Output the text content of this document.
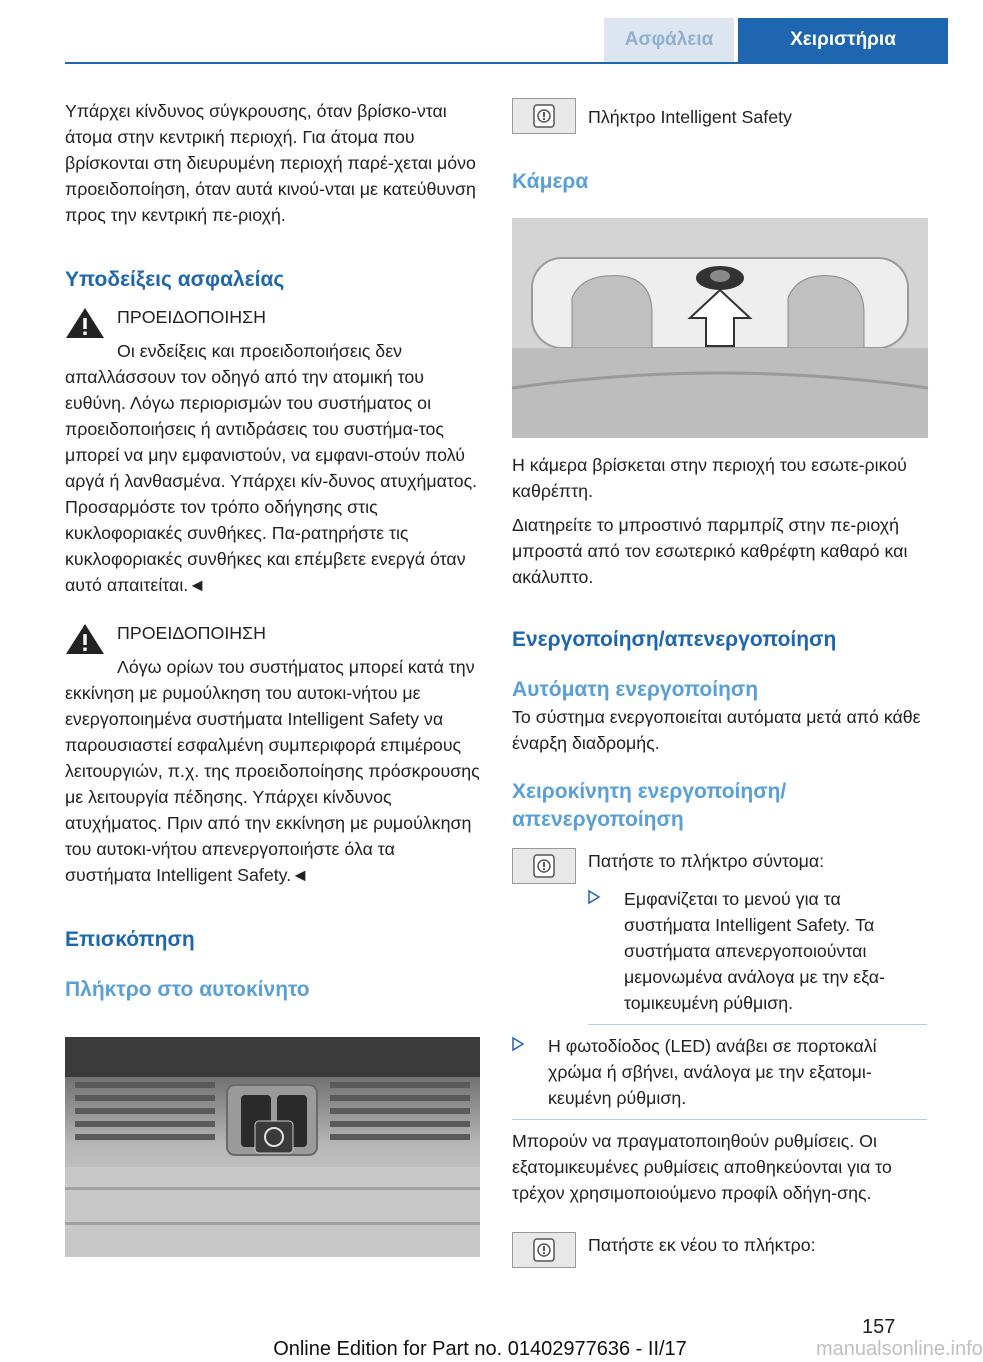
Ασφάλεια	Χειριστήρια

Υπάρχει κίνδυνος σύγκρουσης, όταν βρίσκο-νται άτομα στην κεντρική περιοχή. Για άτομα που βρίσκονται στη διευρυμένη περιοχή παρέ-χεται μόνο προειδοποίηση, όταν αυτά κινού-νται με κατεύθυνση προς την κεντρική πε-ριοχή.

Υποδείξεις ασφαλείας
ΠΡΟΕΙΔΟΠΟΙΗΣΗ

Οι ενδείξεις και προειδοποιήσεις δεν απαλλάσσουν τον οδηγό από την ατομική του ευθύνη. Λόγω περιορισμών του συστήματος οι προειδοποιήσεις ή αντιδράσεις του συστήμα-τος μπορεί να μην εμφανιστούν, να εμφανι-στούν πολύ αργά ή λανθασμένα. Υπάρχει κίν-δυνος ατυχήματος. Προσαρμόστε τον τρόπο οδήγησης στις κυκλοφοριακές συνθήκες. Πα-ρατηρήστε τις κυκλοφοριακές συνθήκες και επέμβετε ενεργά όταν αυτό απαιτείται.◄

ΠΡΟΕΙΔΟΠΟΙΗΣΗ

Λόγω ορίων του συστήματος μπορεί κατά την εκκίνηση με ρυμούλκηση του αυτοκι-νήτου με ενεργοποιημένα συστήματα Intelligent Safety να παρουσιαστεί εσφαλμένη συμπεριφορά επιμέρους λειτουργιών, π.χ. της προειδοποίησης πρόσκρουσης με λειτουργία πέδησης. Υπάρχει κίνδυνος ατυχήματος. Πριν από την εκκίνηση με ρυμούλκηση του αυτοκι-νήτου απενεργοποιήστε όλα τα συστήματα Intelligent Safety.◄

Επισκόπηση
Πλήκτρο στο αυτοκίνητο
Πλήκτρο Intelligent Safety
Κάμερα

Η κάμερα βρίσκεται στην περιοχή του εσωτε-ρικού καθρέπτη.

Διατηρείτε το μπροστινό παρμπρίζ στην πε-ριοχή μπροστά από τον εσωτερικό καθρέφτη καθαρό και ακάλυπτο.

Ενεργοποίηση/απενεργοποίηση
Αυτόματη ενεργοποίηση

Το σύστημα ενεργοποιείται αυτόματα μετά από κάθε έναρξη διαδρομής.

Χειροκίνητη ενεργοποίηση/
απενεργοποίηση
Πατήστε το πλήκτρο σύντομα:
Εμφανίζεται το μενού για τα συστήματα Intelligent Safety. Τα συστήματα απενεργοποιούνται μεμονωμένα ανάλογα με την εξα-τομικευμένη ρύθμιση.
Η φωτοδίοδος (LED) ανάβει σε πορτοκαλί χρώμα ή σβήνει, ανάλογα με την εξατομι-κευμένη ρύθμιση.

Μπορούν να πραγματοποιηθούν ρυθμίσεις. Οι εξατομικευμένες ρυθμίσεις αποθηκεύονται για το τρέχον χρησιμοποιούμενο προφίλ οδήγη-σης.

Πατήστε εκ νέου το πλήκτρο:
157
Online Edition for Part no. 01402977636 - II/17	manualsonline.info
